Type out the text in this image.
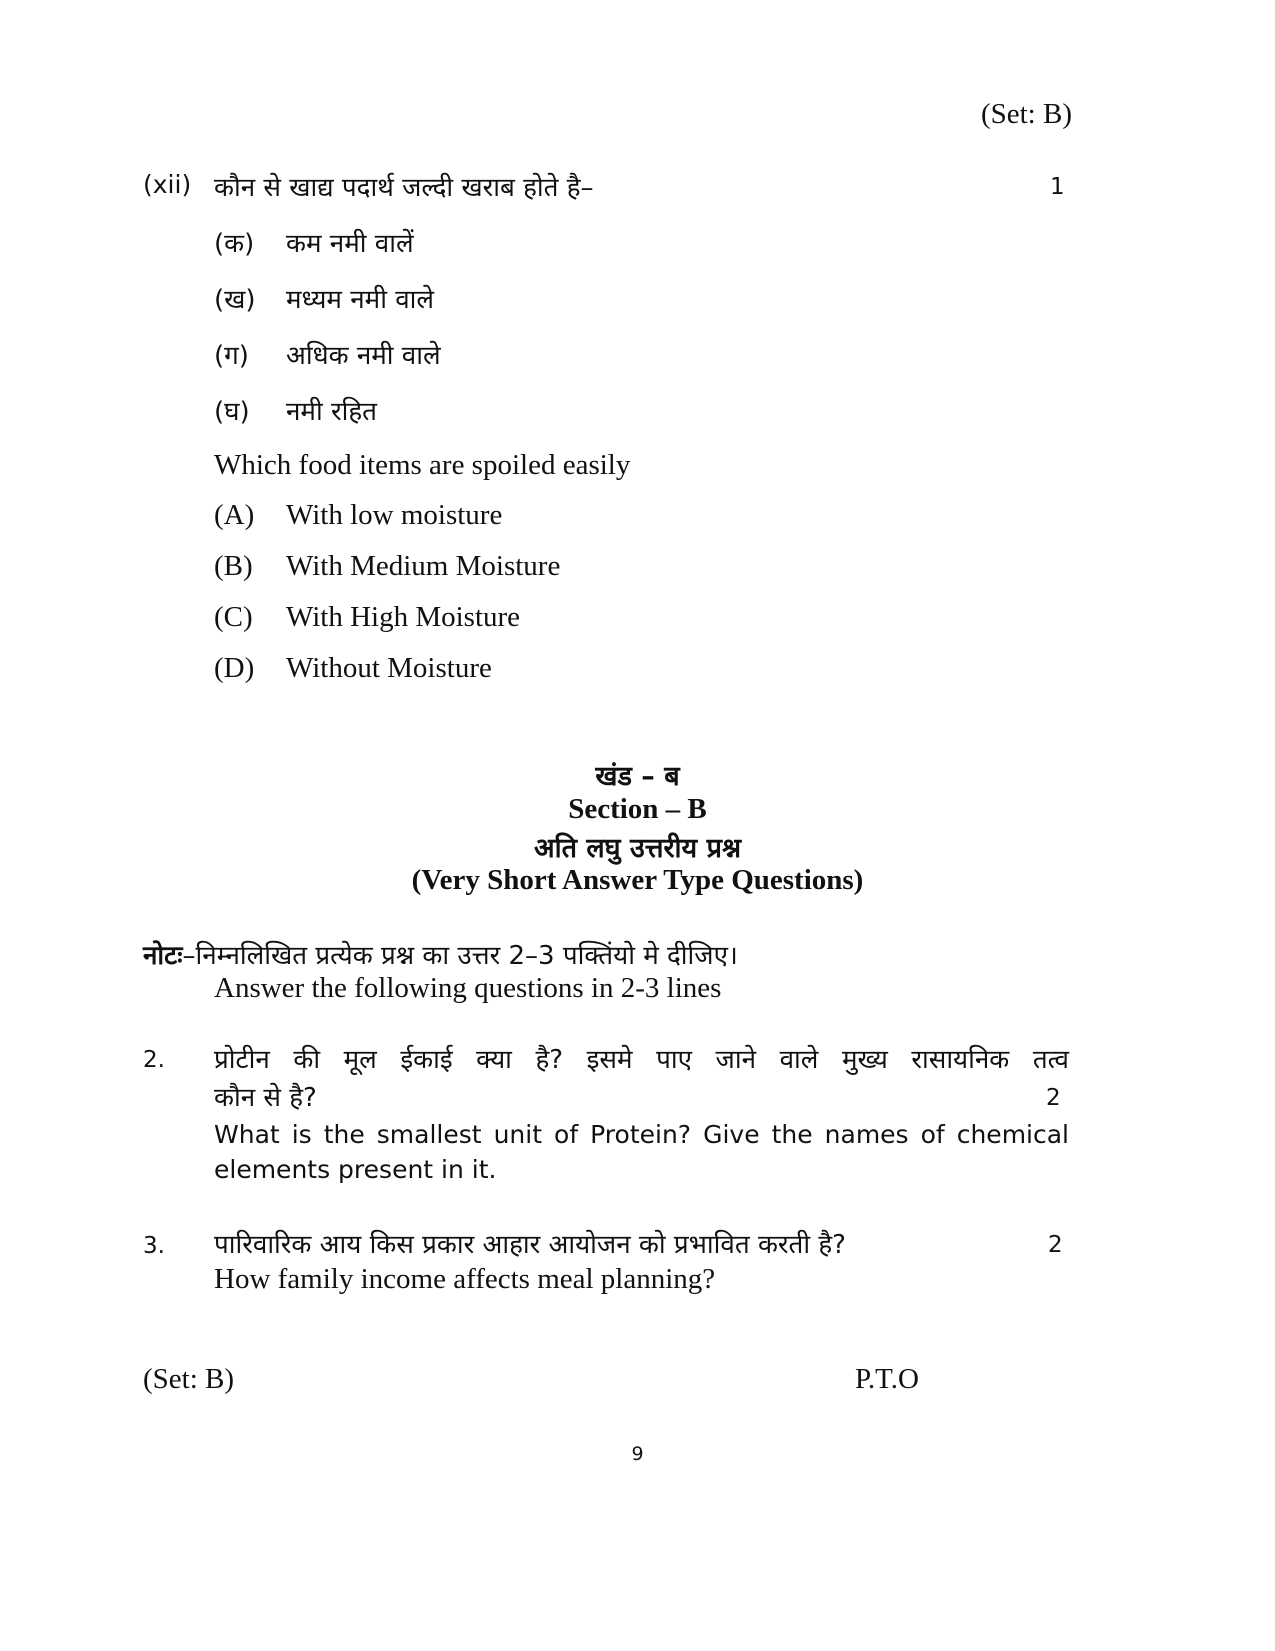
(Set: B)
(xii) कौन से खाद्य पदार्थ जल्दी खराब होते है–	1
(क) कम नमी वालें
(ख) मध्यम नमी वाले
(ग) अधिक नमी वाले
(घ) नमी रहित
Which food items are spoiled easily
(A) With low moisture
(B) With Medium Moisture
(C) With High Moisture
(D) Without Moisture
खंड – ब
Section – B
अति लघु उत्तरीय प्रश्न
(Very Short Answer Type Questions)
नोटः–निम्नलिखित प्रत्येक प्रश्न का उत्तर 2–3 पक्तिंयो मे दीजिए।
Answer the following questions in 2-3 lines
2. प्रोटीन की मूल ईकाई क्या है? इसमे पाए जाने वाले मुख्य रासायनिक तत्व
कौन से है?	2
What is the smallest unit of Protein? Give the names of chemical
elements present in it.
3. पारिवारिक आय किस प्रकार आहार आयोजन को प्रभावित करती है?	2
How family income affects meal planning?
(Set: B)	P.T.O
9
